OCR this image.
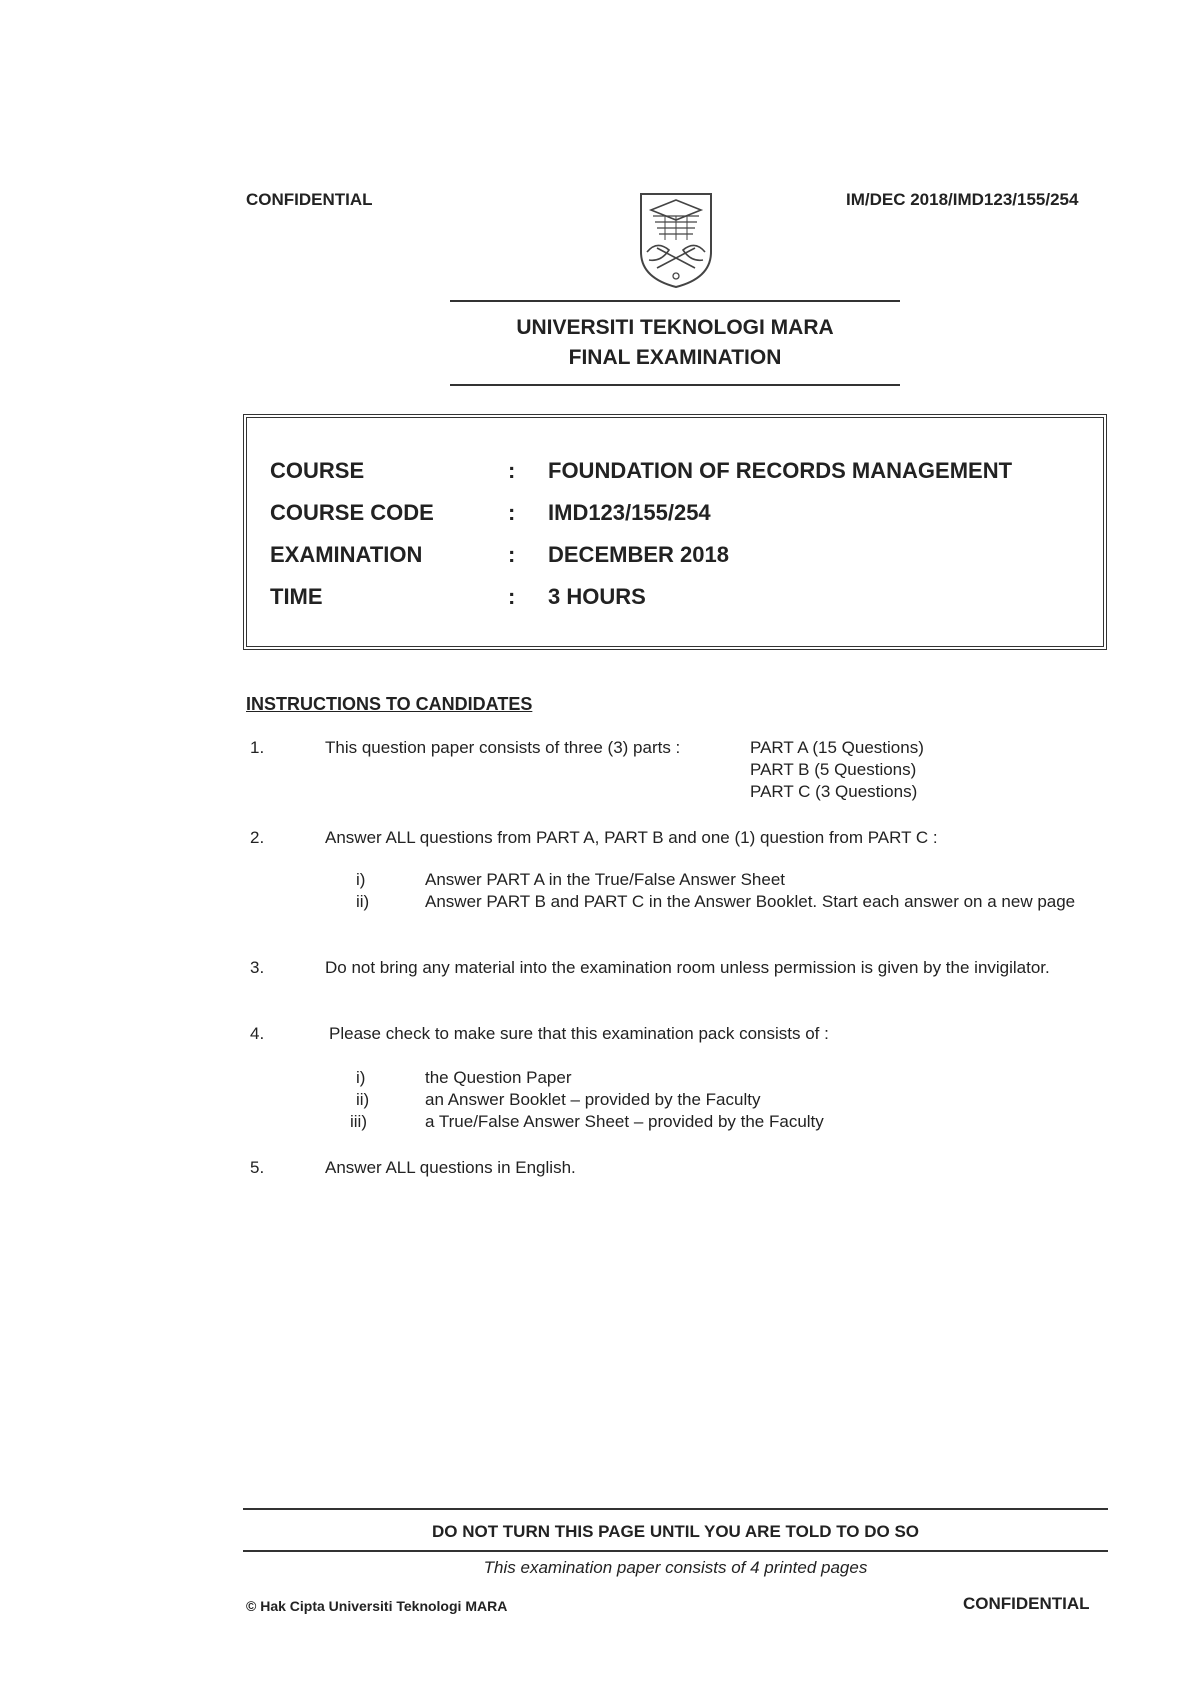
CONFIDENTIAL	IM/DEC 2018/IMD123/155/254
UNIVERSITI TEKNOLOGI MARA
FINAL EXAMINATION
COURSE	: FOUNDATION OF RECORDS MANAGEMENT
COURSE CODE	: IMD123/155/254
EXAMINATION	: DECEMBER 2018
TIME	: 3 HOURS
INSTRUCTIONS TO CANDIDATES
1.	This question paper consists of three (3) parts :	PART A (15 Questions)
PART B (5 Questions)
PART C (3 Questions)
2.	Answer ALL questions from PART A, PART B and one (1) question from PART C :
i)	Answer PART A in the True/False Answer Sheet
ii)	Answer PART B and PART C in the Answer Booklet. Start each answer on a new page
3.	Do not bring any material into the examination room unless permission is given by the invigilator.
4.	Please check to make sure that this examination pack consists of :
i)	the Question Paper
ii)	an Answer Booklet – provided by the Faculty
iii)	a True/False Answer Sheet – provided by the Faculty
5.	Answer ALL questions in English.
DO NOT TURN THIS PAGE UNTIL YOU ARE TOLD TO DO SO
This examination paper consists of 4 printed pages
© Hak Cipta Universiti Teknologi MARA	CONFIDENTIAL
